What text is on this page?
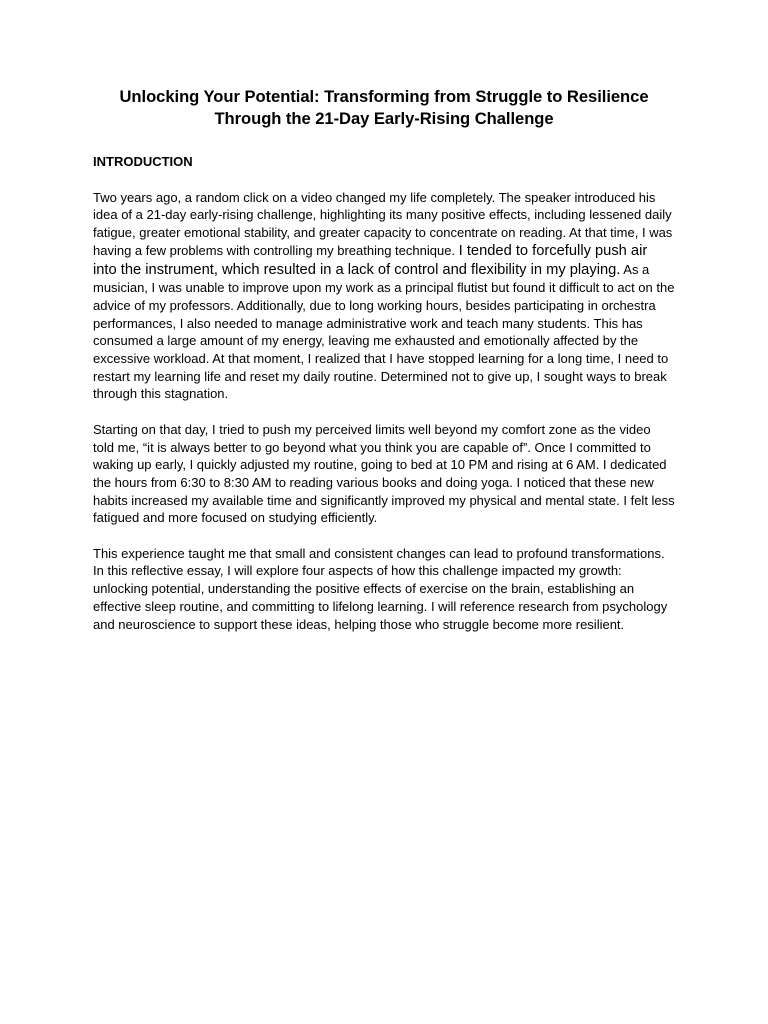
Unlocking Your Potential: Transforming from Struggle to Resilience
Through the 21-Day Early-Rising Challenge
INTRODUCTION

Two years ago, a random click on a video changed my life completely. The speaker introduced his idea of a 21-day early-rising challenge, highlighting its many positive effects, including lessened daily fatigue, greater emotional stability, and greater capacity to concentrate on reading. At that time, I was having a few problems with controlling my breathing technique. I tended to forcefully push air into the instrument, which resulted in a lack of control and flexibility in my playing. As a musician, I was unable to improve upon my work as a principal flutist but found it difficult to act on the advice of my professors. Additionally, due to long working hours, besides participating in orchestra performances, I also needed to manage administrative work and teach many students. This has consumed a large amount of my energy, leaving me exhausted and emotionally affected by the excessive workload. At that moment, I realized that I have stopped learning for a long time, I need to restart my learning life and reset my daily routine. Determined not to give up, I sought ways to break through this stagnation.

Starting on that day, I tried to push my perceived limits well beyond my comfort zone as the video told me, “it is always better to go beyond what you think you are capable of”. Once I committed to waking up early, I quickly adjusted my routine, going to bed at 10 PM and rising at 6 AM. I dedicated the hours from 6:30 to 8:30 AM to reading various books and doing yoga. I noticed that these new habits increased my available time and significantly improved my physical and mental state. I felt less fatigued and more focused on studying efficiently.

This experience taught me that small and consistent changes can lead to profound transformations. In this reflective essay, I will explore four aspects of how this challenge impacted my growth: unlocking potential, understanding the positive effects of exercise on the brain, establishing an effective sleep routine, and committing to lifelong learning. I will reference research from psychology and neuroscience to support these ideas, helping those who struggle become more resilient.
